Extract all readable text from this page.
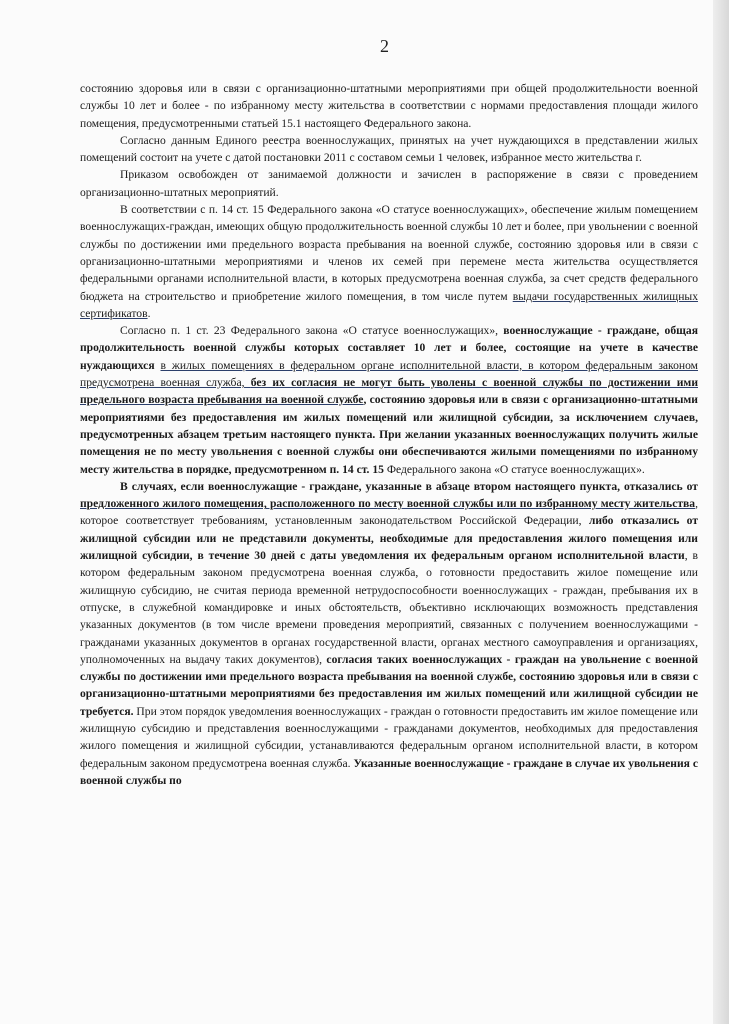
2

состоянию здоровья или в связи с организационно-штатными мероприятиями при общей продолжительности военной службы 10 лет и более - по избранному месту жительства в соответствии с нормами предоставления площади жилого помещения, предусмотренными статьей 15.1 настоящего Федерального закона.

Согласно данным Единого реестра военнослужащих, принятых на учет нуждающихся в представлении жилых помещений состоит на учете с датой постановки 2011 с составом семьи 1 человек, избранное место жительства г.

Приказом освобожден от занимаемой должности и зачислен в распоряжение в связи с проведением организационно-штатных мероприятий.

В соответствии с п. 14 ст. 15 Федерального закона «О статусе военнослужащих», обеспечение жилым помещением военнослужащих-граждан, имеющих общую продолжительность военной службы 10 лет и более, при увольнении с военной службы по достижении ими предельного возраста пребывания на военной службе, состоянию здоровья или в связи с организационно-штатными мероприятиями и членов их семей при перемене места жительства осуществляется федеральными органами исполнительной власти, в которых предусмотрена военная служба, за счет средств федерального бюджета на строительство и приобретение жилого помещения, в том числе путем выдачи государственных жилищных сертификатов.

Согласно п. 1 ст. 23 Федерального закона «О статусе военнослужащих», военнослужащие - граждане, общая продолжительность военной службы которых составляет 10 лет и более, состоящие на учете в качестве нуждающихся в жилых помещениях в федеральном органе исполнительной власти, в котором федеральным законом предусмотрена военная служба, без их согласия не могут быть уволены с военной службы по достижении ими предельного возраста пребывания на военной службе, состоянию здоровья или в связи с организационно-штатными мероприятиями без предоставления им жилых помещений или жилищной субсидии, за исключением случаев, предусмотренных абзацем третьим настоящего пункта. При желании указанных военнослужащих получить жилые помещения не по месту увольнения с военной службы они обеспечиваются жилыми помещениями по избранному месту жительства в порядке, предусмотренном п. 14 ст. 15 Федерального закона «О статусе военнослужащих».

В случаях, если военнослужащие - граждане, указанные в абзаце втором настоящего пункта, отказались от предложенного жилого помещения, расположенного по месту военной службы или по избранному месту жительства, которое соответствует требованиям, установленным законодательством Российской Федерации, либо отказались от жилищной субсидии или не представили документы, необходимые для предоставления жилого помещения или жилищной субсидии, в течение 30 дней с даты уведомления их федеральным органом исполнительной власти, в котором федеральным законом предусмотрена военная служба, о готовности предоставить жилое помещение или жилищную субсидию, не считая периода временной нетрудоспособности военнослужащих - граждан, пребывания их в отпуске, в служебной командировке и иных обстоятельств, объективно исключающих возможность представления указанных документов (в том числе времени проведения мероприятий, связанных с получением военнослужащими - гражданами указанных документов в органах государственной власти, органах местного самоуправления и организациях, уполномоченных на выдачу таких документов), согласия таких военнослужащих - граждан на увольнение с военной службы по достижении ими предельного возраста пребывания на военной службе, состоянию здоровья или в связи с организационно-штатными мероприятиями без предоставления им жилых помещений или жилищной субсидии не требуется. При этом порядок уведомления военнослужащих - граждан о готовности предоставить им жилое помещение или жилищную субсидию и представления военнослужащими - гражданами документов, необходимых для предоставления жилого помещения и жилищной субсидии, устанавливаются федеральным органом исполнительной власти, в котором федеральным законом предусмотрена военная служба. Указанные военнослужащие - граждане в случае их увольнения с военной службы по
